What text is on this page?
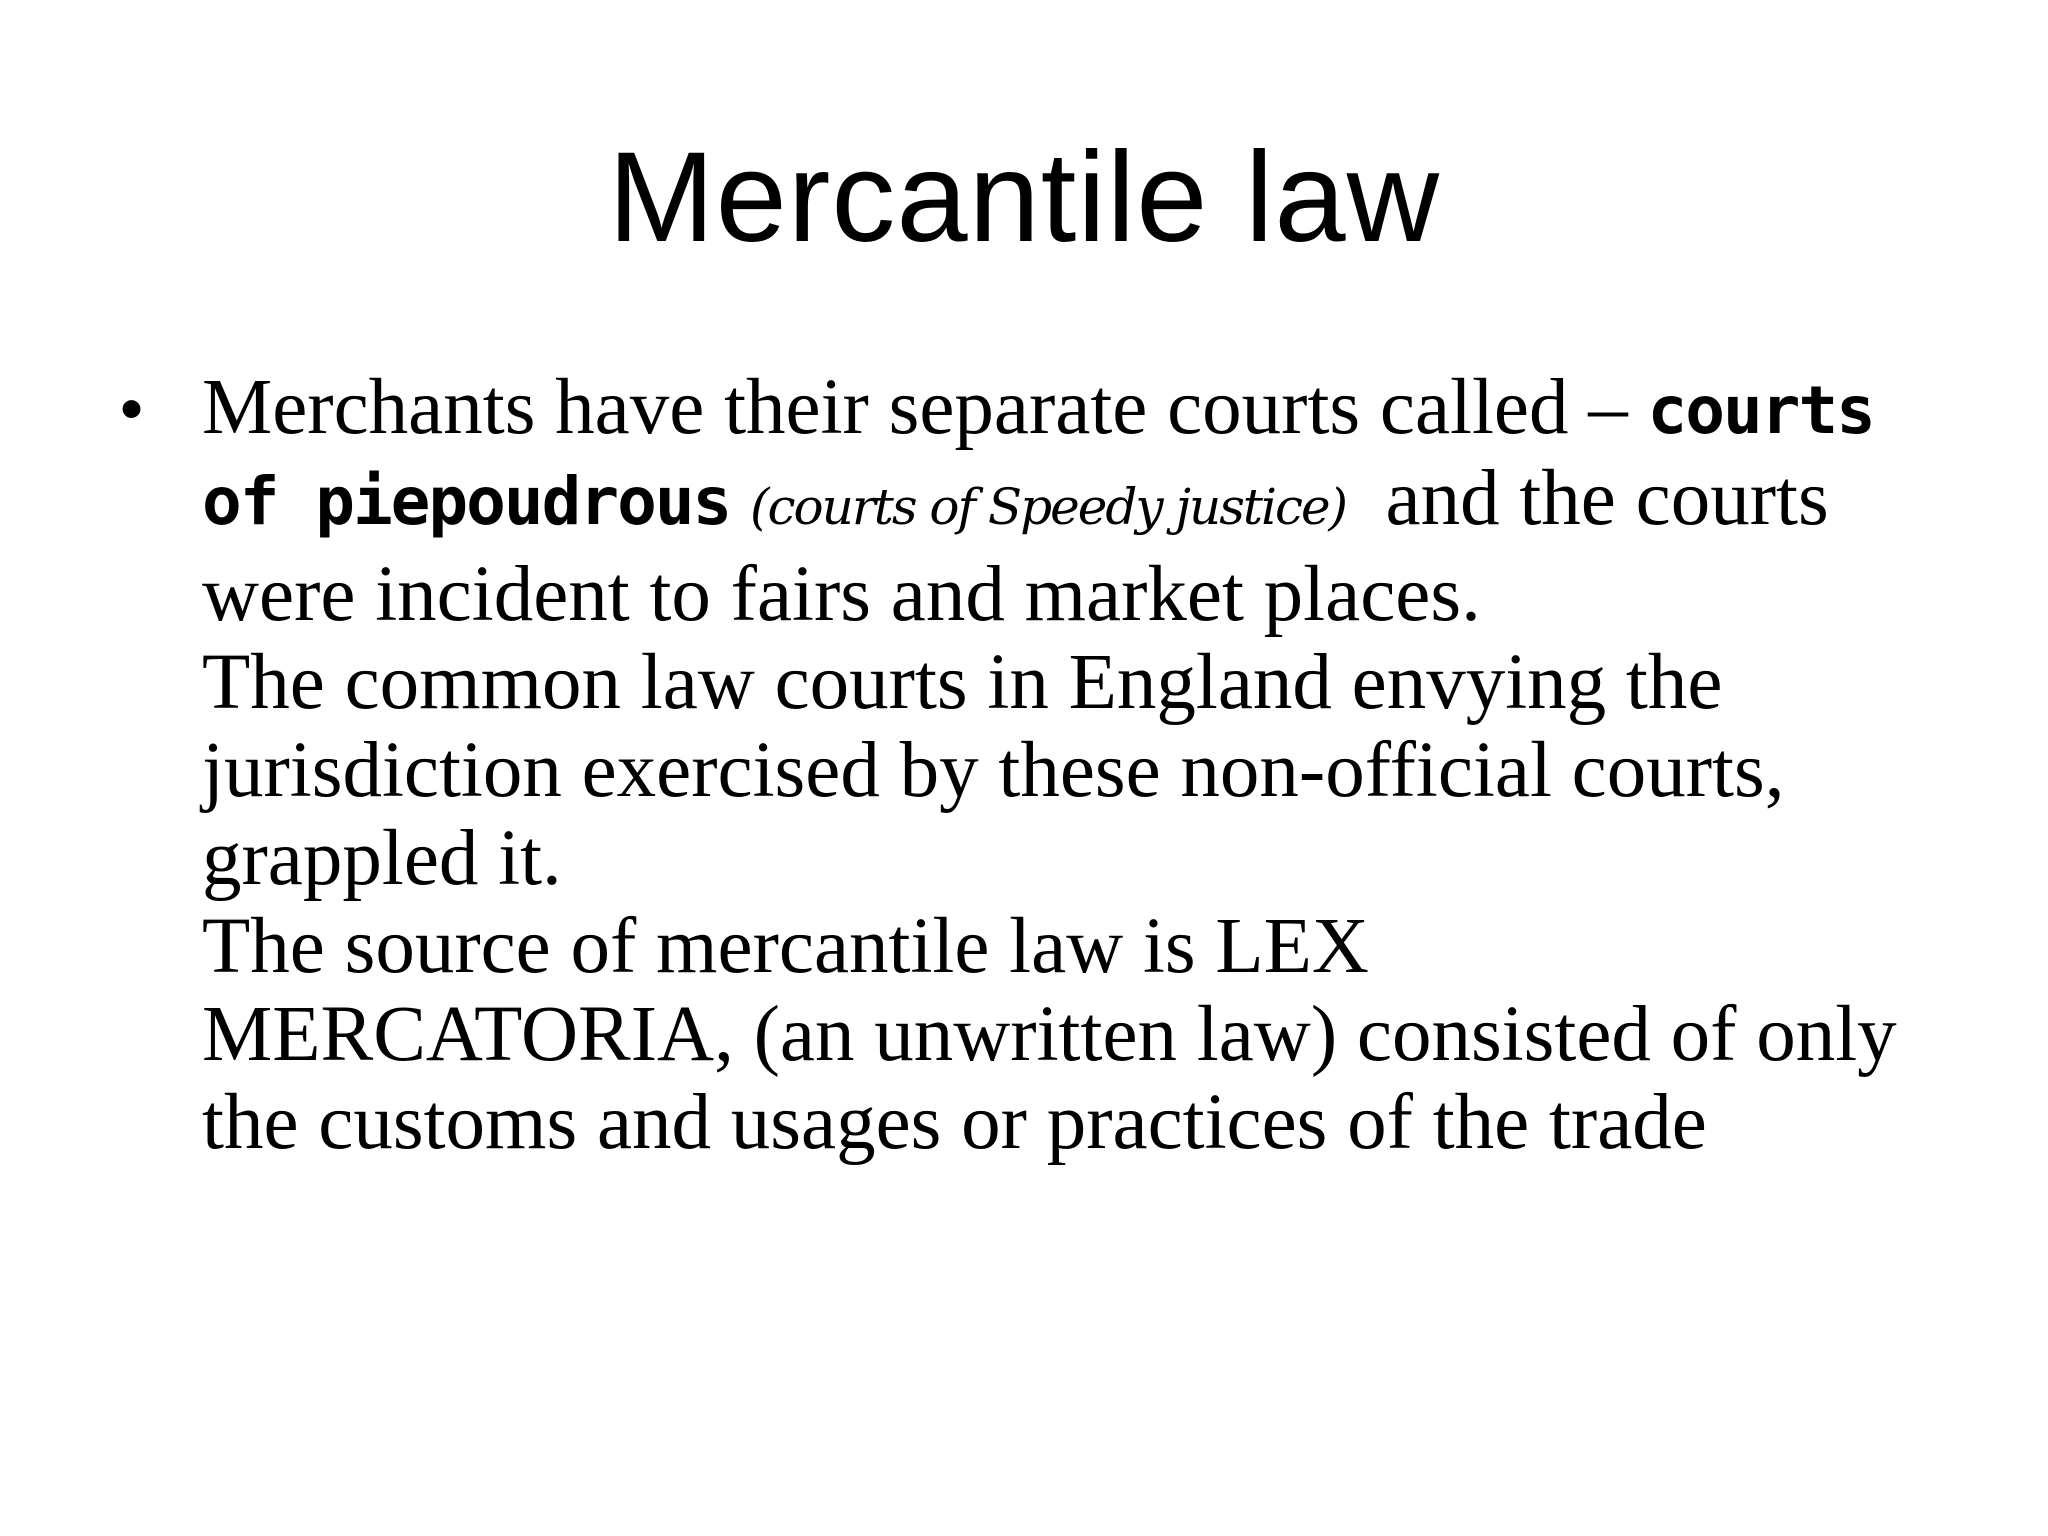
Mercantile law
• Merchants have their separate courts called – courts
of piepoudrous (courts of Speedy justice) and the courts
were incident to fairs and market places.
The common law courts in England envying the
jurisdiction exercised by these non-official courts,
grappled it.
The source of mercantile law is LEX
MERCATORIA, (an unwritten law) consisted of only
the customs and usages or practices of the trade
